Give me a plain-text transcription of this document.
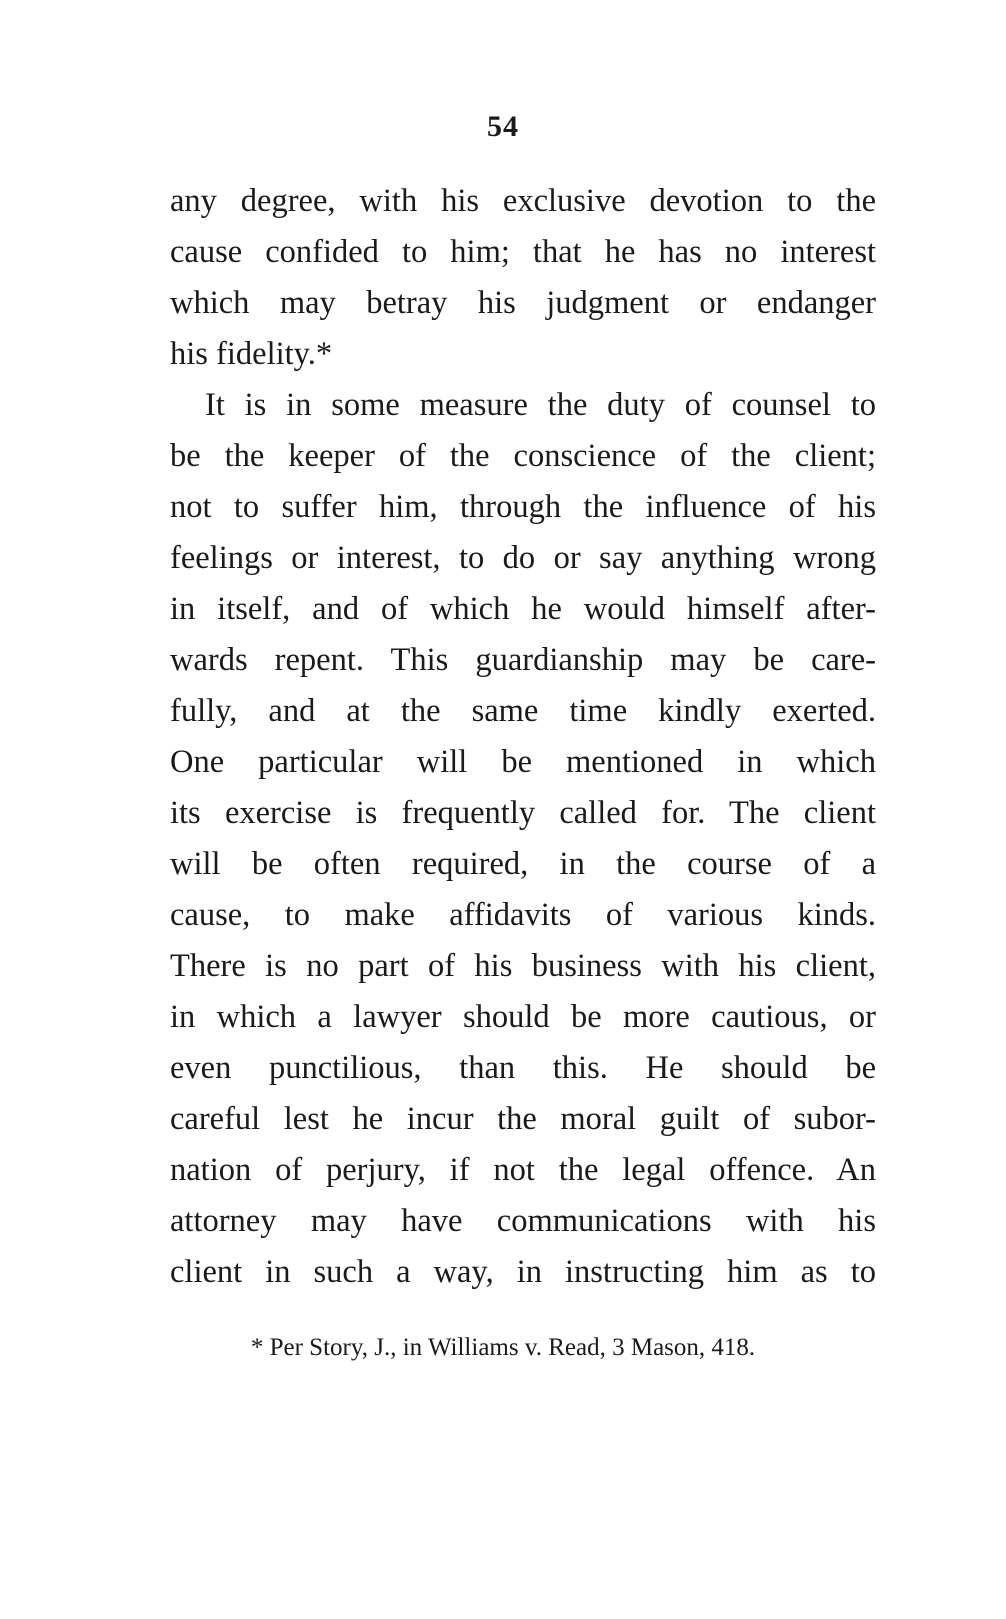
54
any degree, with his exclusive devotion to the
cause confided to him; that he has no interest
which may betray his judgment or endanger
his fidelity.*
It is in some measure the duty of counsel to
be the keeper of the conscience of the client;
not to suffer him, through the influence of his
feelings or interest, to do or say anything wrong
in itself, and of which he would himself after-
wards repent. This guardianship may be care-
fully, and at the same time kindly exerted.
One particular will be mentioned in which
its exercise is frequently called for. The client
will be often required, in the course of a
cause, to make affidavits of various kinds.
There is no part of his business with his client,
in which a lawyer should be more cautious, or
even punctilious, than this. He should be
careful lest he incur the moral guilt of subor-
nation of perjury, if not the legal offence. An
attorney may have communications with his
client in such a way, in instructing him as to
* Per Story, J., in Williams v. Read, 3 Mason, 418.
